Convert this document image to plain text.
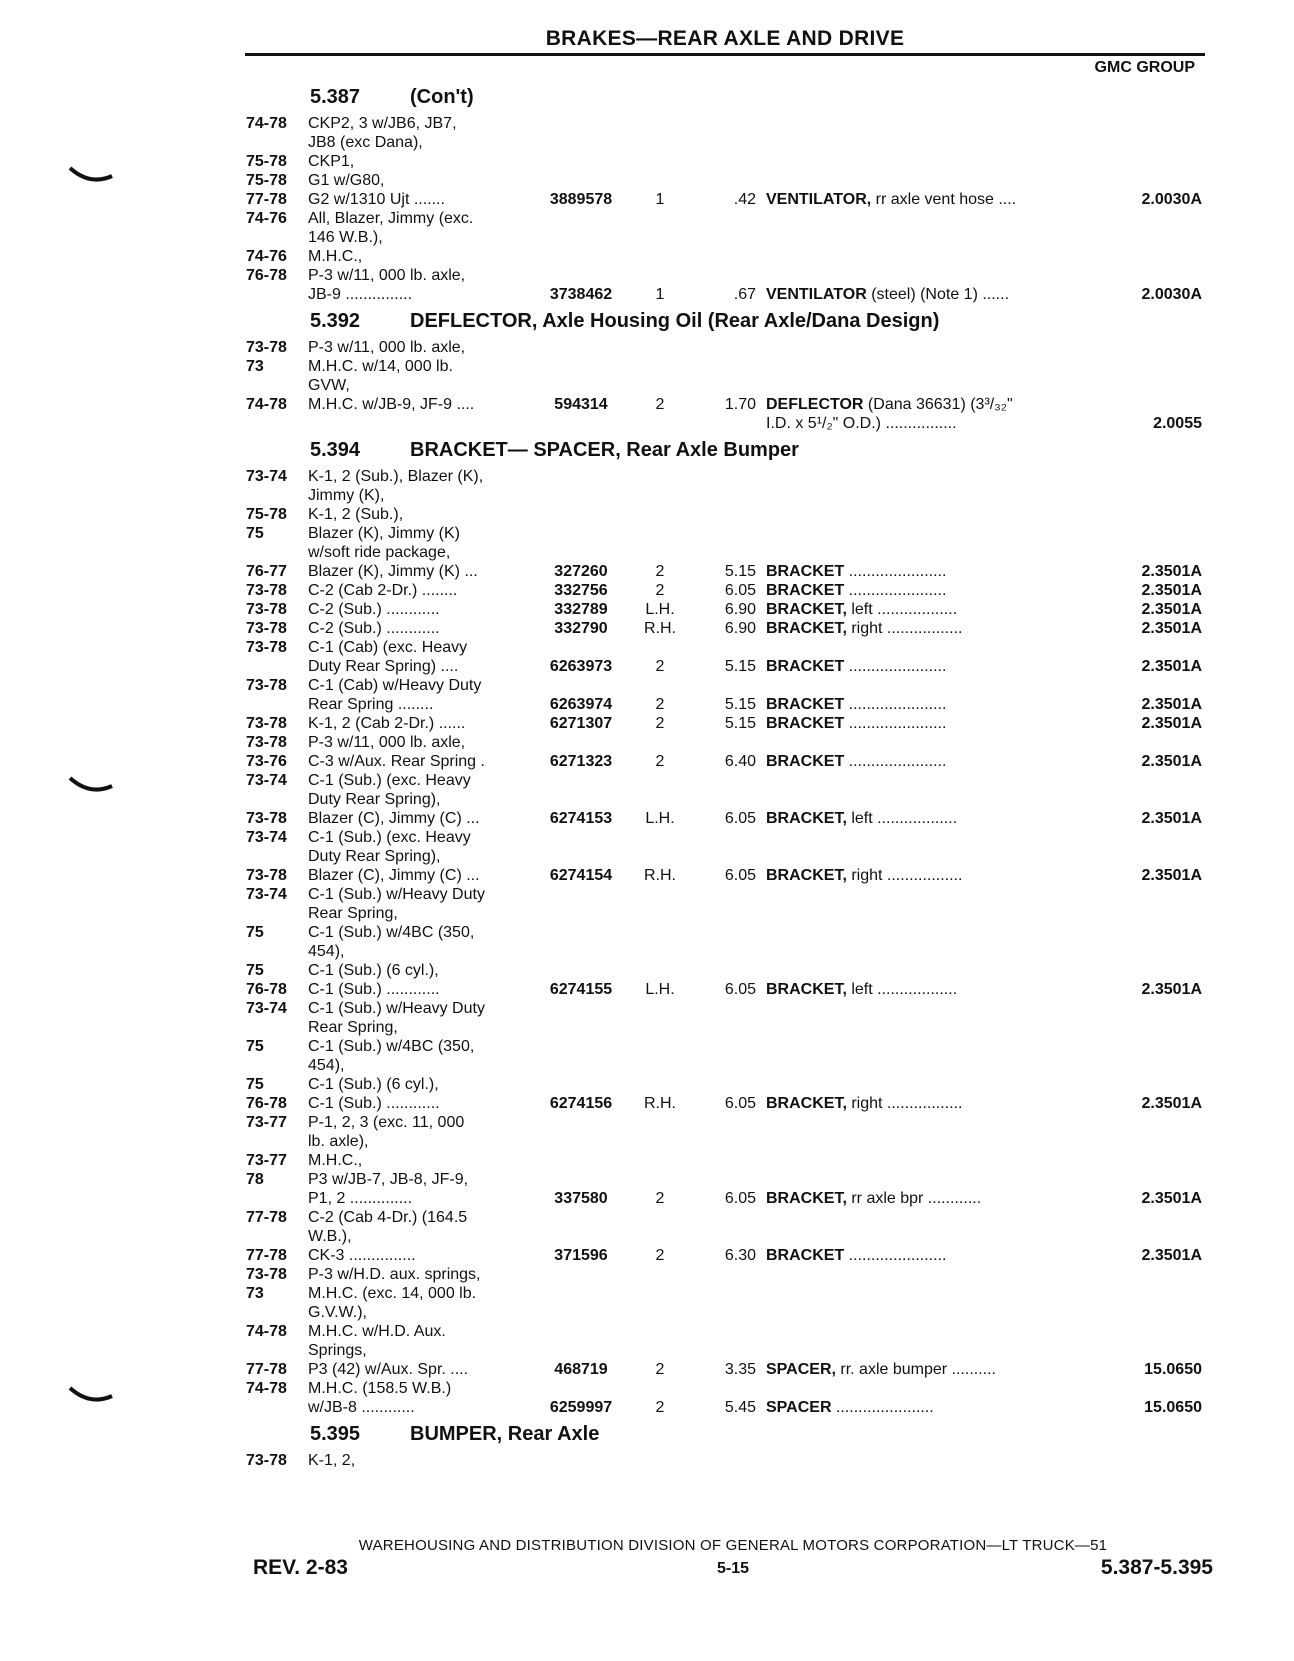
BRAKES—REAR AXLE AND DRIVE
GMC GROUP
5.387 (Con't)
74-78	CKP2, 3 w/JB6, JB7,
JB8 (exc Dana),
75-78	CKP1,
75-78	G1 w/G80,
77-78	G2 w/1310 Ujt .......	3889578	1	.42 VENTILATOR, rr axle vent hose ....	2.0030A
74-76	All, Blazer, Jimmy (exc.
146 W.B.),
74-76	M.H.C.,
76-78	P-3 w/11, 000 lb. axle,
JB-9 ...............	3738462	1	.67 VENTILATOR (steel) (Note 1) ......	2.0030A
5.392 DEFLECTOR, Axle Housing Oil (Rear Axle/Dana Design)
73-78	P-3 w/11, 000 lb. axle,
73	M.H.C. w/14, 000 lb.
GVW,
74-78	M.H.C. w/JB-9, JF-9 ....	594314	2	1.70 DEFLECTOR (Dana 36631) (3³/₃₂"
I.D. x 5¹/₂" O.D.) ................	2.0055
5.394 BRACKET— SPACER, Rear Axle Bumper
73-74	K-1, 2 (Sub.), Blazer (K),
Jimmy (K),
75-78	K-1, 2 (Sub.),
75	Blazer (K), Jimmy (K)
w/soft ride package,
76-77	Blazer (K), Jimmy (K) ...	327260	2	5.15 BRACKET ......................	2.3501A
73-78	C-2 (Cab 2-Dr.) ........	332756	2	6.05 BRACKET ......................	2.3501A
73-78	C-2 (Sub.) ............	332789	L.H.	6.90 BRACKET, left ..................	2.3501A
73-78	C-2 (Sub.) ............	332790	R.H.	6.90 BRACKET, right .................	2.3501A
73-78	C-1 (Cab) (exc. Heavy
Duty Rear Spring) ....	6263973	2	5.15 BRACKET ......................	2.3501A
73-78	C-1 (Cab) w/Heavy Duty
Rear Spring ........	6263974	2	5.15 BRACKET ......................	2.3501A
73-78	K-1, 2 (Cab 2-Dr.) ......	6271307	2	5.15 BRACKET ......................	2.3501A
73-78	P-3 w/11, 000 lb. axle,
73-76	C-3 w/Aux. Rear Spring .	6271323	2	6.40 BRACKET ......................	2.3501A
73-74	C-1 (Sub.) (exc. Heavy
Duty Rear Spring),
73-78	Blazer (C), Jimmy (C) ...	6274153	L.H.	6.05 BRACKET, left ..................	2.3501A
73-74	C-1 (Sub.) (exc. Heavy
Duty Rear Spring),
73-78	Blazer (C), Jimmy (C) ...	6274154	R.H.	6.05 BRACKET, right .................	2.3501A
73-74	C-1 (Sub.) w/Heavy Duty
Rear Spring,
75	C-1 (Sub.) w/4BC (350,
454),
75	C-1 (Sub.) (6 cyl.),
76-78	C-1 (Sub.) ............	6274155	L.H.	6.05 BRACKET, left ..................	2.3501A
73-74	C-1 (Sub.) w/Heavy Duty
Rear Spring,
75	C-1 (Sub.) w/4BC (350,
454),
75	C-1 (Sub.) (6 cyl.),
76-78	C-1 (Sub.) ............	6274156	R.H.	6.05 BRACKET, right .................	2.3501A
73-77	P-1, 2, 3 (exc. 11, 000
lb. axle),
73-77	M.H.C.,
78	P3 w/JB-7, JB-8, JF-9,
P1, 2 ..............	337580	2	6.05 BRACKET, rr axle bpr ............	2.3501A
77-78	C-2 (Cab 4-Dr.) (164.5
W.B.),
77-78	CK-3 ...............	371596	2	6.30 BRACKET ......................	2.3501A
73-78	P-3 w/H.D. aux. springs,
73	M.H.C. (exc. 14, 000 lb.
G.V.W.),
74-78	M.H.C. w/H.D. Aux.
Springs,
77-78	P3 (42) w/Aux. Spr. ....	468719	2	3.35 SPACER, rr. axle bumper ..........	15.0650
74-78	M.H.C. (158.5 W.B.)
w/JB-8 ............	6259997	2	5.45 SPACER ......................	15.0650
5.395 BUMPER, Rear Axle
73-78	K-1, 2,
WAREHOUSING AND DISTRIBUTION DIVISION OF GENERAL MOTORS CORPORATION—LT TRUCK—51
REV. 2-83	5-15	5.387-5.395
